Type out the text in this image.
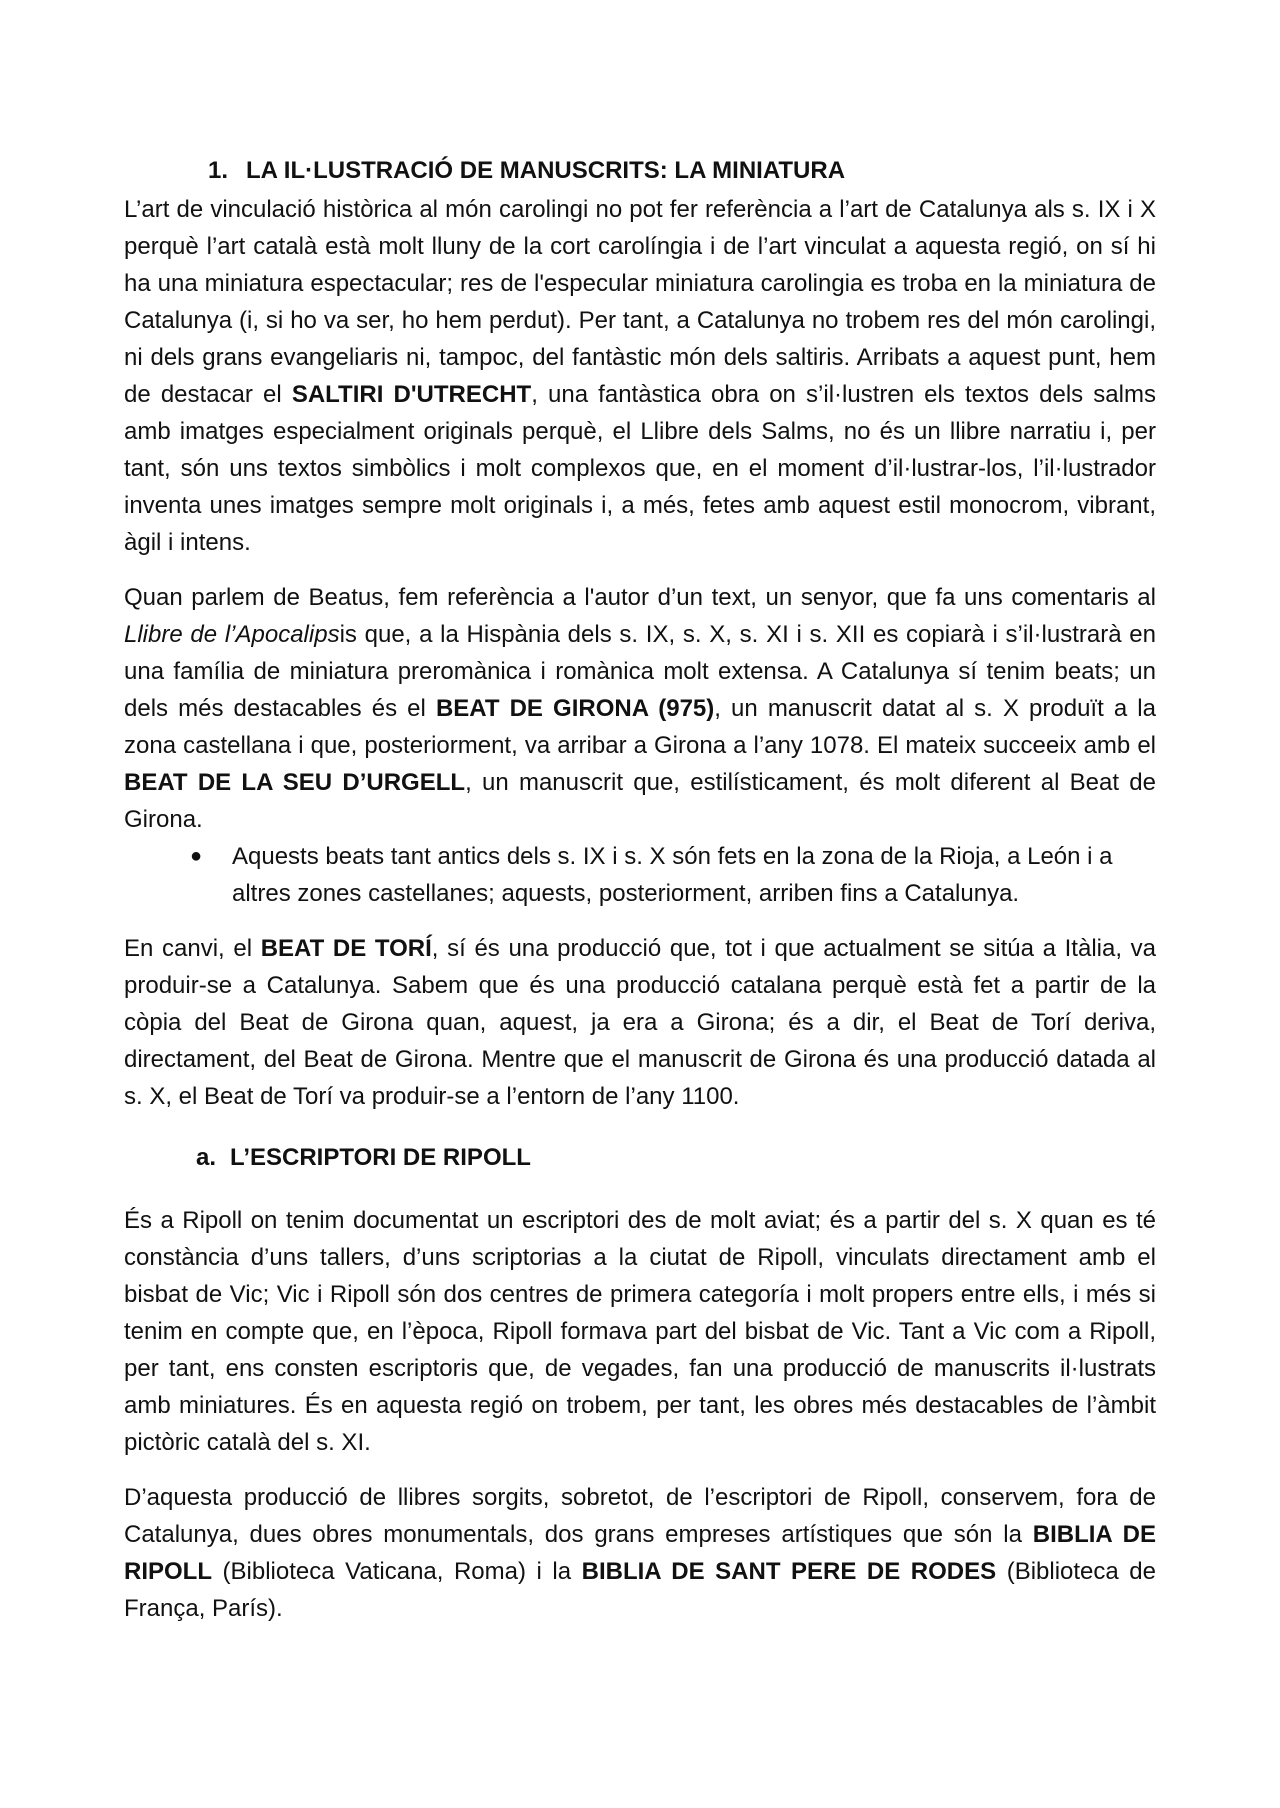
1. LA IL·LUSTRACIÓ DE MANUSCRITS: LA MINIATURA

L’art de vinculació històrica al món carolingi no pot fer referència a l’art de Catalunya als s. IX i X perquè l’art català està molt lluny de la cort carolíngia i de l’art vinculat a aquesta regió, on sí hi ha una miniatura espectacular; res de l'especular miniatura carolingia es troba en la miniatura de Catalunya (i, si ho va ser, ho hem perdut). Per tant, a Catalunya no trobem res del món carolingi, ni dels grans evangeliaris ni, tampoc, del fantàstic món dels saltiris. Arribats a aquest punt, hem de destacar el SALTIRI D'UTRECHT, una fantàstica obra on s’il·lustren els textos dels salms amb imatges especialment originals perquè, el Llibre dels Salms, no és un llibre narratiu i, per tant, són uns textos simbòlics i molt complexos que, en el moment d’il·lustrar-los, l’il·lustrador inventa unes imatges sempre molt originals i, a més, fetes amb aquest estil monocrom, vibrant, àgil i intens.

Quan parlem de Beatus, fem referència a l'autor d’un text, un senyor, que fa uns comentaris al Llibre de l’Apocalipsis que, a la Hispània dels s. IX, s. X, s. XI i s. XII es copiarà i s’il·lustrarà en una família de miniatura preromànica i romànica molt extensa. A Catalunya sí tenim beats; un dels més destacables és el BEAT DE GIRONA (975), un manuscrit datat al s. X produït a la zona castellana i que, posteriorment, va arribar a Girona a l’any 1078. El mateix succeeix amb el BEAT DE LA SEU D’URGELL, un manuscrit que, estilísticament, és molt diferent al Beat de Girona.

●	Aquests beats tant antics dels s. IX i s. X són fets en la zona de la Rioja, a León i a altres zones castellanes; aquests, posteriorment, arriben fins a Catalunya.

En canvi, el BEAT DE TORÍ, sí és una producció que, tot i que actualment se sitúa a Itàlia, va produir-se a Catalunya. Sabem que és una producció catalana perquè està fet a partir de la còpia del Beat de Girona quan, aquest, ja era a Girona; és a dir, el Beat de Torí deriva, directament, del Beat de Girona. Mentre que el manuscrit de Girona és una producció datada al s. X, el Beat de Torí va produir-se a l’entorn de l’any 1100.

a. L’ESCRIPTORI DE RIPOLL

És a Ripoll on tenim documentat un escriptori des de molt aviat; és a partir del s. X quan es té constància d’uns tallers, d’uns scriptorias a la ciutat de Ripoll, vinculats directament amb el bisbat de Vic; Vic i Ripoll són dos centres de primera categoría i molt propers entre ells, i més si tenim en compte que, en l’època, Ripoll formava part del bisbat de Vic. Tant a Vic com a Ripoll, per tant, ens consten escriptoris que, de vegades, fan una producció de manuscrits il·lustrats amb miniatures. És en aquesta regió on trobem, per tant, les obres més destacables de l’àmbit pictòric català del s. XI.

D’aquesta producció de llibres sorgits, sobretot, de l’escriptori de Ripoll, conservem, fora de Catalunya, dues obres monumentals, dos grans empreses artístiques que són la BIBLIA DE RIPOLL (Biblioteca Vaticana, Roma) i la BIBLIA DE SANT PERE DE RODES (Biblioteca de França, París).
